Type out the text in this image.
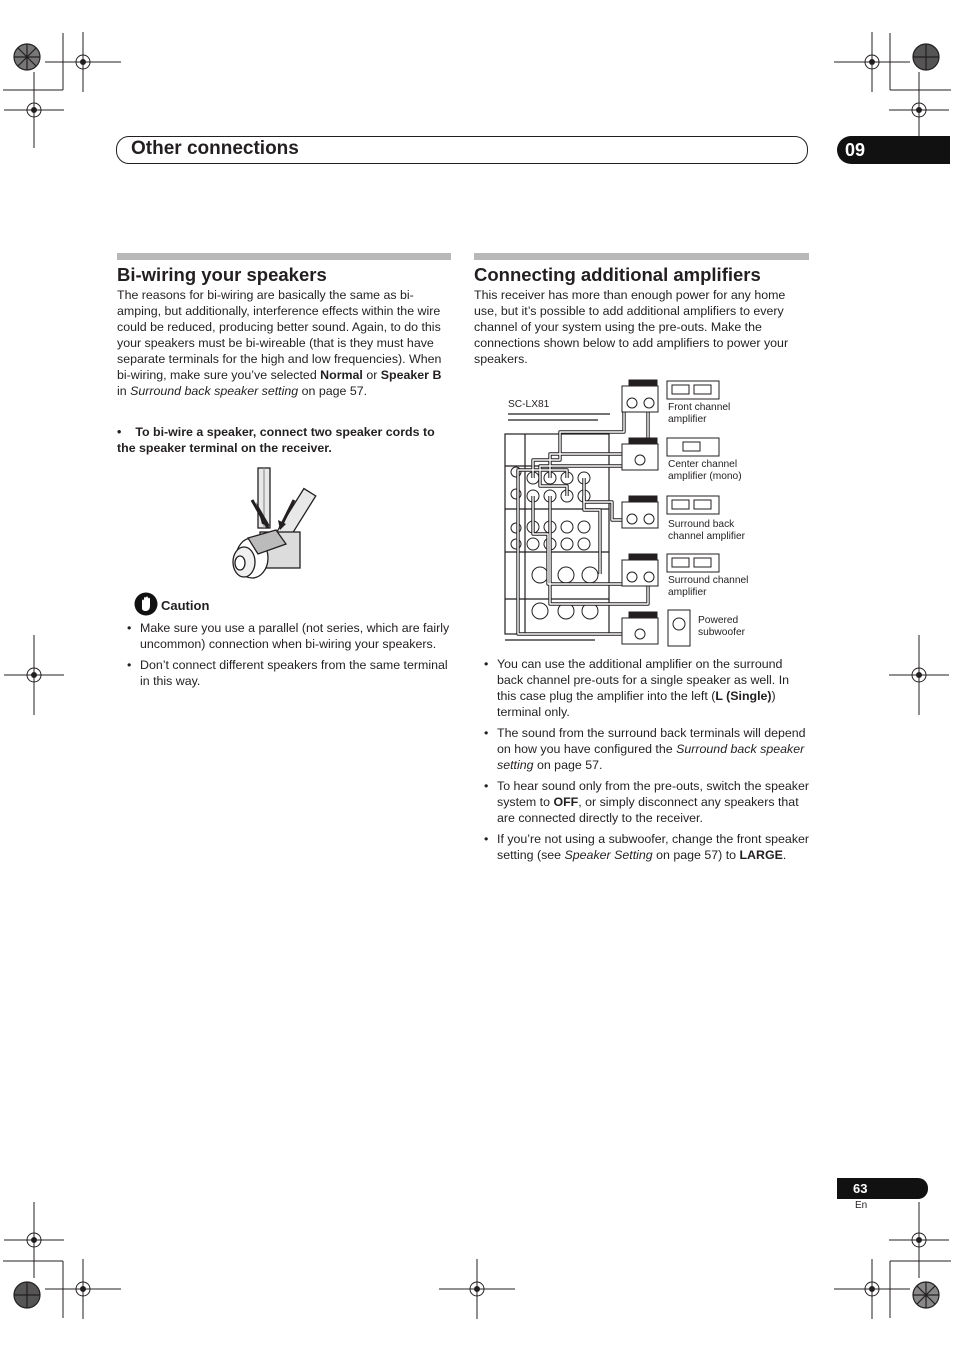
Other connections	09
Bi-wiring your speakers

The reasons for bi-wiring are basically the same as bi-amping, but additionally, interference effects within the wire could be reduced, producing better sound. Again, to do this your speakers must be bi-wireable (that is they must have separate terminals for the high and low frequencies). When bi-wiring, make sure you’ve selected Normal or Speaker B in Surround back speaker setting on page 57.

• To bi-wire a speaker, connect two speaker cords to the speaker terminal on the receiver.
Caution
• Make sure you use a parallel (not series, which are fairly uncommon) connection when bi-wiring your speakers.
• Don’t connect different speakers from the same terminal in this way.
Connecting additional amplifiers

This receiver has more than enough power for any home use, but it’s possible to add additional amplifiers to every channel of your system using the pre-outs. Make the connections shown below to add amplifiers to power your speakers.

SC-LX81	Front channel
amplifier
Center channel
amplifier (mono)
Surround back
channel amplifier
Surround channel
amplifier
Powered
subwoofer
• You can use the additional amplifier on the surround back channel pre-outs for a single speaker as well. In this case plug the amplifier into the left (L (Single)) terminal only.
• The sound from the surround back terminals will depend on how you have configured the Surround back speaker setting on page 57.
• To hear sound only from the pre-outs, switch the speaker system to OFF, or simply disconnect any speakers that are connected directly to the receiver.
• If you’re not using a subwoofer, change the front speaker setting (see Speaker Setting on page 57) to LARGE.
63
En
